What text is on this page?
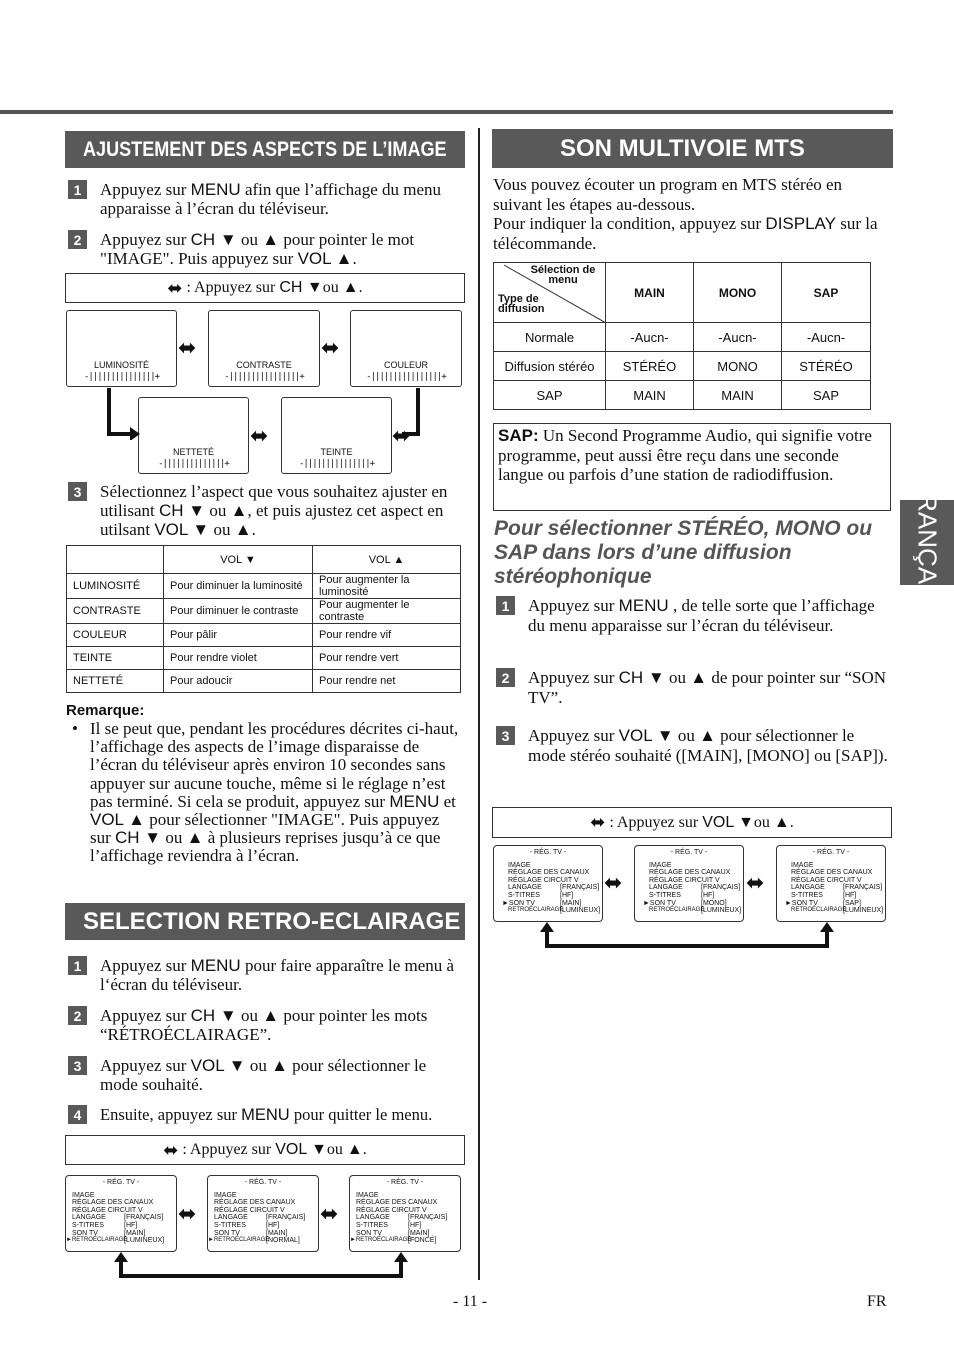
FRANÇAIS
AJUSTEMENT DES ASPECTS DE L’IMAGE
1	Appuyez sur MENU afin que l’affichage du menu apparaisse à l’écran du téléviseur.
2	Appuyez sur CH ▼ ou ▲ pour pointer le mot "IMAGE". Puis appuyez sur VOL ▲.
⬌ : Appuyez sur
CH ▼ ou ▲.
LUMINOSITÉ
-|||||||||||||||+
CONTRASTE
-||||||||||||||||+
COULEUR
-||||||||||||||||+
NETTETÉ
-||||||||||||||+
TEINTE
-|||||||||||||||+
⬌	⬌
⬌	⬌
3	Sélectionnez l’aspect que vous souhaitez ajuster en utilisant CH ▼ ou ▲, et puis ajustez cet aspect en utilsant VOL ▼ ou ▲.
	VOL ▼	VOL ▲
LUMINOSITÉ	Pour diminuer la luminosité	Pour augmenter la luminosité
CONTRASTE	Pour diminuer le contraste	Pour augmenter le contraste
COULEUR	Pour pâlir	Pour rendre vif
TEINTE	Pour rendre violet	Pour rendre vert
NETTETÉ	Pour adoucir	Pour rendre net
Remarque:
• Il se peut que, pendant les procédures décrites ci-haut, l’affichage des aspects de l’image disparaisse de l’écran du téléviseur après environ 10 secondes sans appuyer sur aucune touche, même si le réglage n’est pas terminé. Si cela se produit, appuyez sur MENU et VOL ▲ pour sélectionner "IMAGE". Puis appuyez sur CH ▼ ou ▲ à plusieurs reprises jusqu’à ce que l’affichage reviendra à l’écran.
SELECTION RETRO-ECLAIRAGE
1	Appuyez sur MENU pour faire apparaître le menu à l‘écran du téléviseur.
2	Appuyez sur CH ▼ ou ▲ pour pointer les mots “RÉTROÉCLAIRAGE”.
3	Appuyez sur VOL ▼ ou ▲ pour sélectionner le mode souhaité.
4	Ensuite, appuyez sur MENU pour quitter le menu.
⬌ : Appuyez sur
VOL ▼ ou ▲.
- RÉG. TV -
IMAGE
RÉGLAGE DES CANAUX
RÉGLAGE CIRCUIT V
LANGAGE	[FRANÇAIS]
S-TITRES	[HF]
SON TV	[MAIN]
►RETROÉCLAIRAGE
[LUMINEUX]
- RÉG. TV -
IMAGE
RÉGLAGE DES CANAUX
RÉGLAGE CIRCUIT V
LANGAGE	[FRANÇAIS]
S-TITRES	[HF]
SON TV	[MAIN]
►RETROÉCLAIRAGE
[NORMAL]
- RÉG. TV -
IMAGE
RÉGLAGE DES CANAUX
RÉGLAGE CIRCUIT V
LANGAGE	[FRANÇAIS]
S-TITRES	[HF]
SON TV	[MAIN]
►RETROÉCLAIRAGE
[FONCÉ]
⬌	⬌
SON MULTIVOIE MTS
Vous pouvez écouter un program en MTS stéréo en suivant les étapes au-dessous.
Pour indiquer la condition, appuyez sur DISPLAY sur la télécommande.
Sélection de menu
Type de diffusion	MAIN	MONO	SAP
Normale	-Aucn-	-Aucn-	-Aucn-
Diffusion stéréo	STÉRÉO	MONO	STÉRÉO
SAP	MAIN	MAIN	SAP
SAP: Un Second Programme Audio, qui signifie votre programme, peut aussi être reçu dans une seconde langue ou parfois d’une station de radiodiffusion.
Pour sélectionner STÉRÉO, MONO ou SAP dans lors d’une diffusion stéréophonique
1	Appuyez sur MENU , de telle sorte que l’affichage du menu apparaisse sur l’écran du téléviseur.
2	Appuyez sur CH ▼ ou ▲ de pour pointer sur “SON TV”.
3	Appuyez sur VOL ▼ ou ▲ pour sélectionner le mode stéréo souhaité ([MAIN], [MONO] ou [SAP]).
⬌ : Appuyez sur
VOL ▼ ou ▲.
- RÉG. TV -
IMAGE
RÉGLAGE DES CANAUX
RÉGLAGE CIRCUIT V
LANGAGE	[FRANÇAIS]
S-TITRES	[HF]
►SON TV	[MAIN]
RETROÉCLAIRAGE
[LUMINEUX]
- RÉG. TV -
IMAGE
RÉGLAGE DES CANAUX
RÉGLAGE CIRCUIT V
LANGAGE	[FRANÇAIS]
S-TITRES	[HF]
►SON TV	[MONO]
RETROÉCLAIRAGE
[LUMINEUX]
- RÉG. TV -
IMAGE
RÉGLAGE DES CANAUX
RÉGLAGE CIRCUIT V
LANGAGE	[FRANÇAIS]
S-TITRES	[HF]
►SON TV	[SAP]
RETROÉCLAIRAGE
[LUMINEUX]
⬌	⬌
- 11 -	FR
